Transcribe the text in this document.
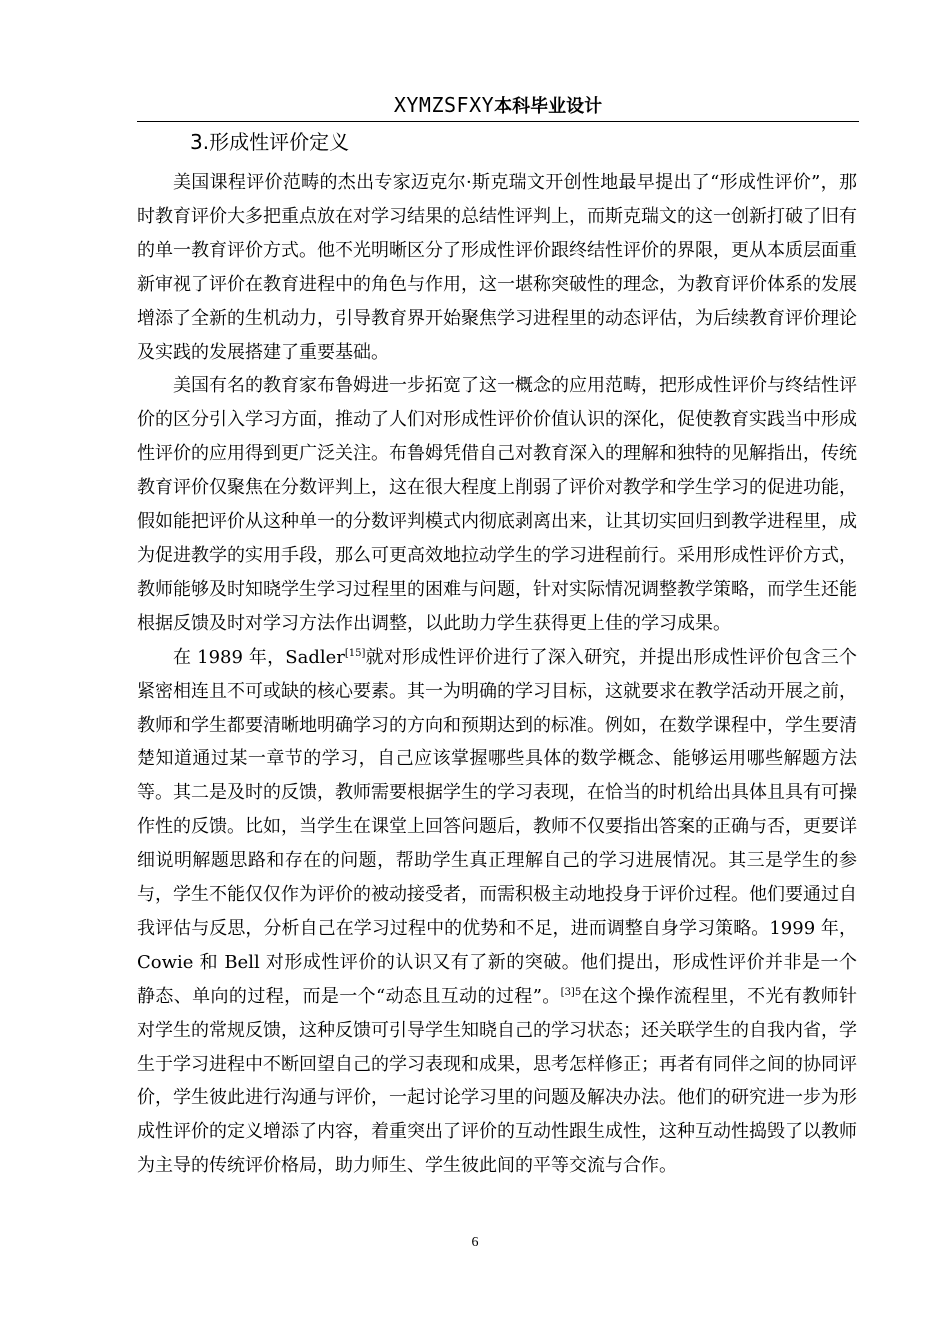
XYMZSFXY本科毕业设计
3.形成性评价定义

美国课程评价范畴的杰出专家迈克尔·斯克瑞文开创性地最早提出了“形成性评价”，那时教育评价大多把重点放在对学习结果的总结性评判上，而斯克瑞文的这一创新打破了旧有的单一教育评价方式。他不光明晰区分了形成性评价跟终结性评价的界限，更从本质层面重新审视了评价在教育进程中的角色与作用，这一堪称突破性的理念，为教育评价体系的发展增添了全新的生机动力，引导教育界开始聚焦学习进程里的动态评估，为后续教育评价理论及实践的发展搭建了重要基础。

美国有名的教育家布鲁姆进一步拓宽了这一概念的应用范畴，把形成性评价与终结性评价的区分引入学习方面，推动了人们对形成性评价价值认识的深化，促使教育实践当中形成性评价的应用得到更广泛关注。布鲁姆凭借自己对教育深入的理解和独特的见解指出，传统教育评价仅聚焦在分数评判上，这在很大程度上削弱了评价对教学和学生学习的促进功能，假如能把评价从这种单一的分数评判模式内彻底剥离出来，让其切实回归到教学进程里，成为促进教学的实用手段，那么可更高效地拉动学生的学习进程前行。采用形成性评价方式，教师能够及时知晓学生学习过程里的困难与问题，针对实际情况调整教学策略，而学生还能根据反馈及时对学习方法作出调整，以此助力学生获得更上佳的学习成果。

在 1989 年，Sadler[15]就对形成性评价进行了深入研究，并提出形成性评价包含三个紧密相连且不可或缺的核心要素。其一为明确的学习目标，这就要求在教学活动开展之前，教师和学生都要清晰地明确学习的方向和预期达到的标准。例如，在数学课程中，学生要清楚知道通过某一章节的学习，自己应该掌握哪些具体的数学概念、能够运用哪些解题方法等。其二是及时的反馈，教师需要根据学生的学习表现，在恰当的时机给出具体且具有可操作性的反馈。比如，当学生在课堂上回答问题后，教师不仅要指出答案的正确与否，更要详细说明解题思路和存在的问题，帮助学生真正理解自己的学习进展情况。其三是学生的参与，学生不能仅仅作为评价的被动接受者，而需积极主动地投身于评价过程。他们要通过自我评估与反思，分析自己在学习过程中的优势和不足，进而调整自身学习策略。1999 年，Cowie 和 Bell 对形成性评价的认识又有了新的突破。他们提出，形成性评价并非是一个静态、单向的过程，而是一个“动态且互动的过程”。$^{[3]5}$在这个操作流程里，不光有教师针对学生的常规反馈，这种反馈可引导学生知晓自己的学习状态；还关联学生的自我内省，学生于学习进程中不断回望自己的学习表现和成果，思考怎样修正；再者有同伴之间的协同评价，学生彼此进行沟通与评价，一起讨论学习里的问题及解决办法。他们的研究进一步为形成性评价的定义增添了内容，着重突出了评价的互动性跟生成性，这种互动性捣毁了以教师为主导的传统评价格局，助力师生、学生彼此间的平等交流与合作。

6
